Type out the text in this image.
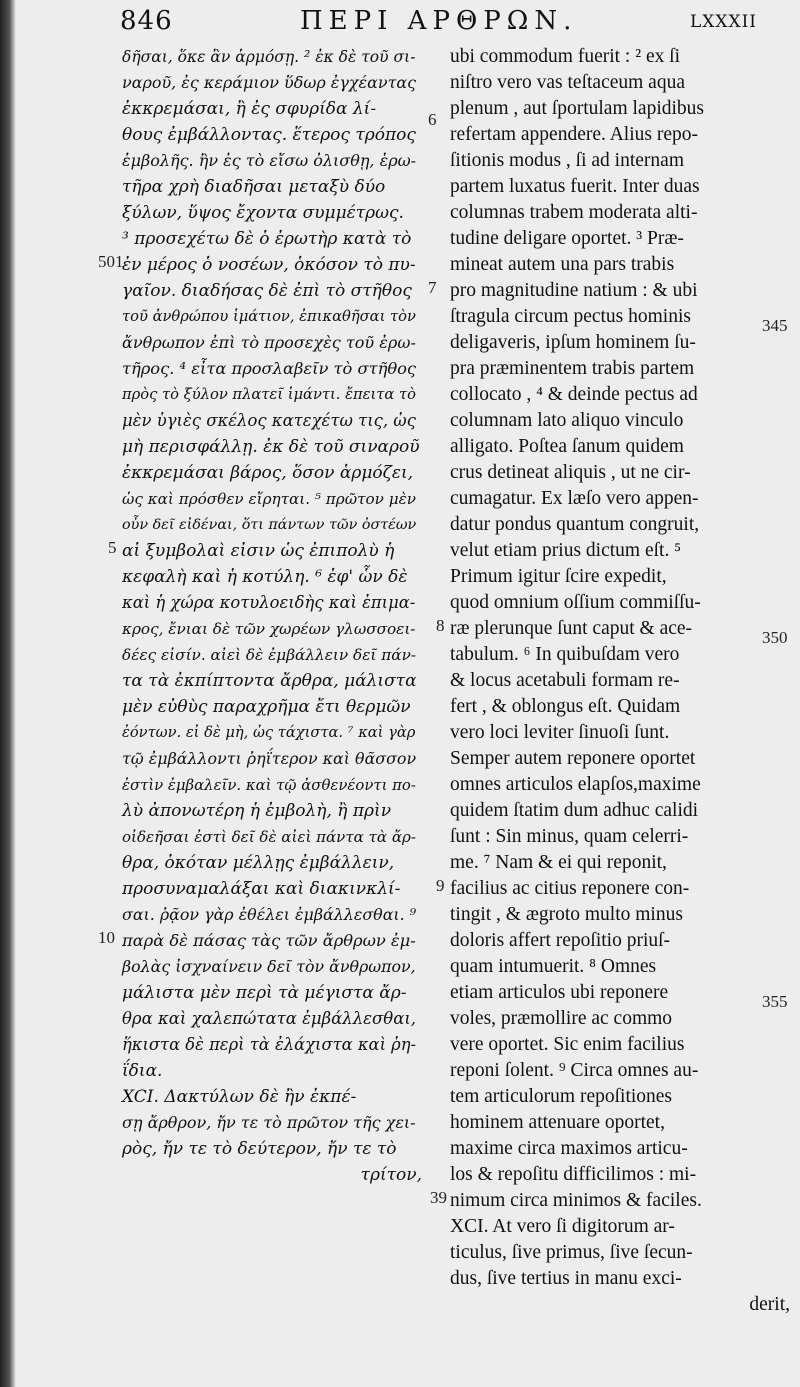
846	ΠΕΡΙ ΑΡΘΡΩΝ.	LXXXII
δῆσαι, ὅκε ἂν ἁρμόσῃ. ² ἐκ δὲ τοῦ σι-
ναροῦ, ἐς κεράμιον ὕδωρ ἐγχέαντας
ἐκκρεμάσαι, ἢ ἐς σφυρίδα λί-
θους ἐμβάλλοντας. ἕτερος τρόπος
ἐμβολῆς. ἢν ἐς τὸ εἴσω ὀλισθῃ, ἑρω-
τῆρα χρὴ διαδῆσαι μεταξὺ δύο
ξύλων, ὕψος ἔχοντα συμμέτρως.
³ προσεχέτω δὲ ὁ ἐρωτὴρ κατὰ τὸ
ἐν μέρος ὁ νοσέων, ὁκόσον τὸ πυ-
γαῖον. διαδήσας δὲ ἐπὶ τὸ στῆθος
τοῦ ἀνθρώπου ἱμάτιον, ἐπικαθῆσαι τὸν
ἄνθρωπον ἐπὶ τὸ προσεχὲς τοῦ ἐρω-
τῆρος. ⁴ εἶτα προσλαβεῖν τὸ στῆθος
πρὸς τὸ ξύλον πλατεῖ ἱμάντι. ἔπειτα τὸ
μὲν ὑγιὲς σκέλος κατεχέτω τις, ὡς
μὴ περισφάλλῃ. ἐκ δὲ τοῦ σιναροῦ
ἐκκρεμάσαι βάρος, ὅσον ἁρμόζει,
ὡς καὶ πρόσθεν εἴρηται. ⁵ πρῶτον μὲν
οὖν δεῖ εἰδέναι, ὅτι πάντων τῶν ὀστέων
αἱ ξυμβολαὶ εἰσιν ὡς ἐπιπολὺ ἡ
κεφαλὴ καὶ ἡ κοτύλη. ⁶ ἐφ' ὧν δὲ
καὶ ἡ χώρα κοτυλοειδὴς καὶ ἐπιμα-
κρος, ἔνιαι δὲ τῶν χωρέων γλωσσοει-
δέες εἰσίν. αἰεὶ δὲ ἐμβάλλειν δεῖ πάν-
τα τὰ ἐκπίπτοντα ἄρθρα, μάλιστα
μὲν εὐθὺς παραχρῆμα ἔτι θερμῶν
ἐόντων. εἰ δὲ μὴ, ὡς τάχιστα. ⁷ καὶ γὰρ
τῷ ἐμβάλλοντι ῥηΐτερον καὶ θᾶσσον
ἐστὶν ἐμβαλεῖν. καὶ τῷ ἀσθενέοντι πο-
λὺ ἀπονωτέρη ἡ ἐμβολὴ, ἢ πρὶν
οἰδεῆσαι ἐστὶ δεῖ δὲ αἰεὶ πάντα τὰ ἄρ-
θρα, ὁκόταν μέλλῃς ἐμβάλλειν,
προσυναμαλάξαι καὶ διακινκλί-
σαι. ῥᾷον γὰρ ἐθέλει ἐμβάλλεσθαι. ⁹
παρὰ δὲ πάσας τὰς τῶν ἄρθρων ἐμ-
βολὰς ἰσχναίνειν δεῖ τὸν ἄνθρωπον,
μάλιστα μὲν περὶ τὰ μέγιστα ἄρ-
θρα καὶ χαλεπώτατα ἐμβάλλεσθαι,
ἥκιστα δὲ περὶ τὰ ἐλάχιστα καὶ ῥη-
ΐδια.
XCI. Δακτύλων δὲ ἢν ἐκπέ-
σῃ ἄρθρον, ἤν τε τὸ πρῶτον τῆς χει-
ρὸς, ἤν τε τὸ δεύτερον, ἤν τε τὸ
τρίτον,
ubi commodum fuerit : ² ex ſi
niſtro vero vas teſtaceum aqua
plenum , aut ſportulam lapidibus
refertam appendere. Alius repo-
ſitionis modus , ſi ad internam
partem luxatus fuerit. Inter duas
columnas trabem moderata alti-
tudine deligare oportet. ³ Præ-
mineat autem una pars trabis
pro magnitudine natium : & ubi
ſtragula circum pectus hominis
deligaveris, ipſum hominem ſu-
pra præminentem trabis partem
collocato , ⁴ & deinde pectus ad
columnam lato aliquo vinculo
alligato. Poſtea ſanum quidem
crus detineat aliquis , ut ne cir-
cumagatur. Ex læſo vero appen-
datur pondus quantum congruit,
velut etiam prius dictum eſt. ⁵
Primum igitur ſcire expedit,
quod omnium oſſium commiſſu-
ræ plerunque ſunt caput & ace-
tabulum. ⁶ In quibuſdam vero
& locus acetabuli formam re-
fert , & oblongus eſt. Quidam
vero loci leviter ſinuoſi ſunt.
Semper autem reponere oportet
omnes articulos elapſos,maxime
quidem ſtatim dum adhuc calidi
ſunt : Sin minus, quam celerri-
me. ⁷ Nam & ei qui reponit,
facilius ac citius reponere con-
tingit , & ægroto multo minus
doloris affert repoſitio priuſ-
quam intumuerit. ⁸ Omnes
etiam articulos ubi reponere
voles, præmollire ac commo
vere oportet. Sic enim facilius
reponi ſolent. ⁹ Circa omnes au-
tem articulorum repoſitiones
hominem attenuare oportet,
maxime circa maximos articu-
los & repoſitu difficilimos : mi-
nimum circa minimos & faciles.
XCI. At vero ſi digitorum ar-
ticulus, ſive primus, ſive ſecun-
dus, ſive tertius in manu exci-
derit,
6
501
7
5
8
9
10
39
345
350
355
